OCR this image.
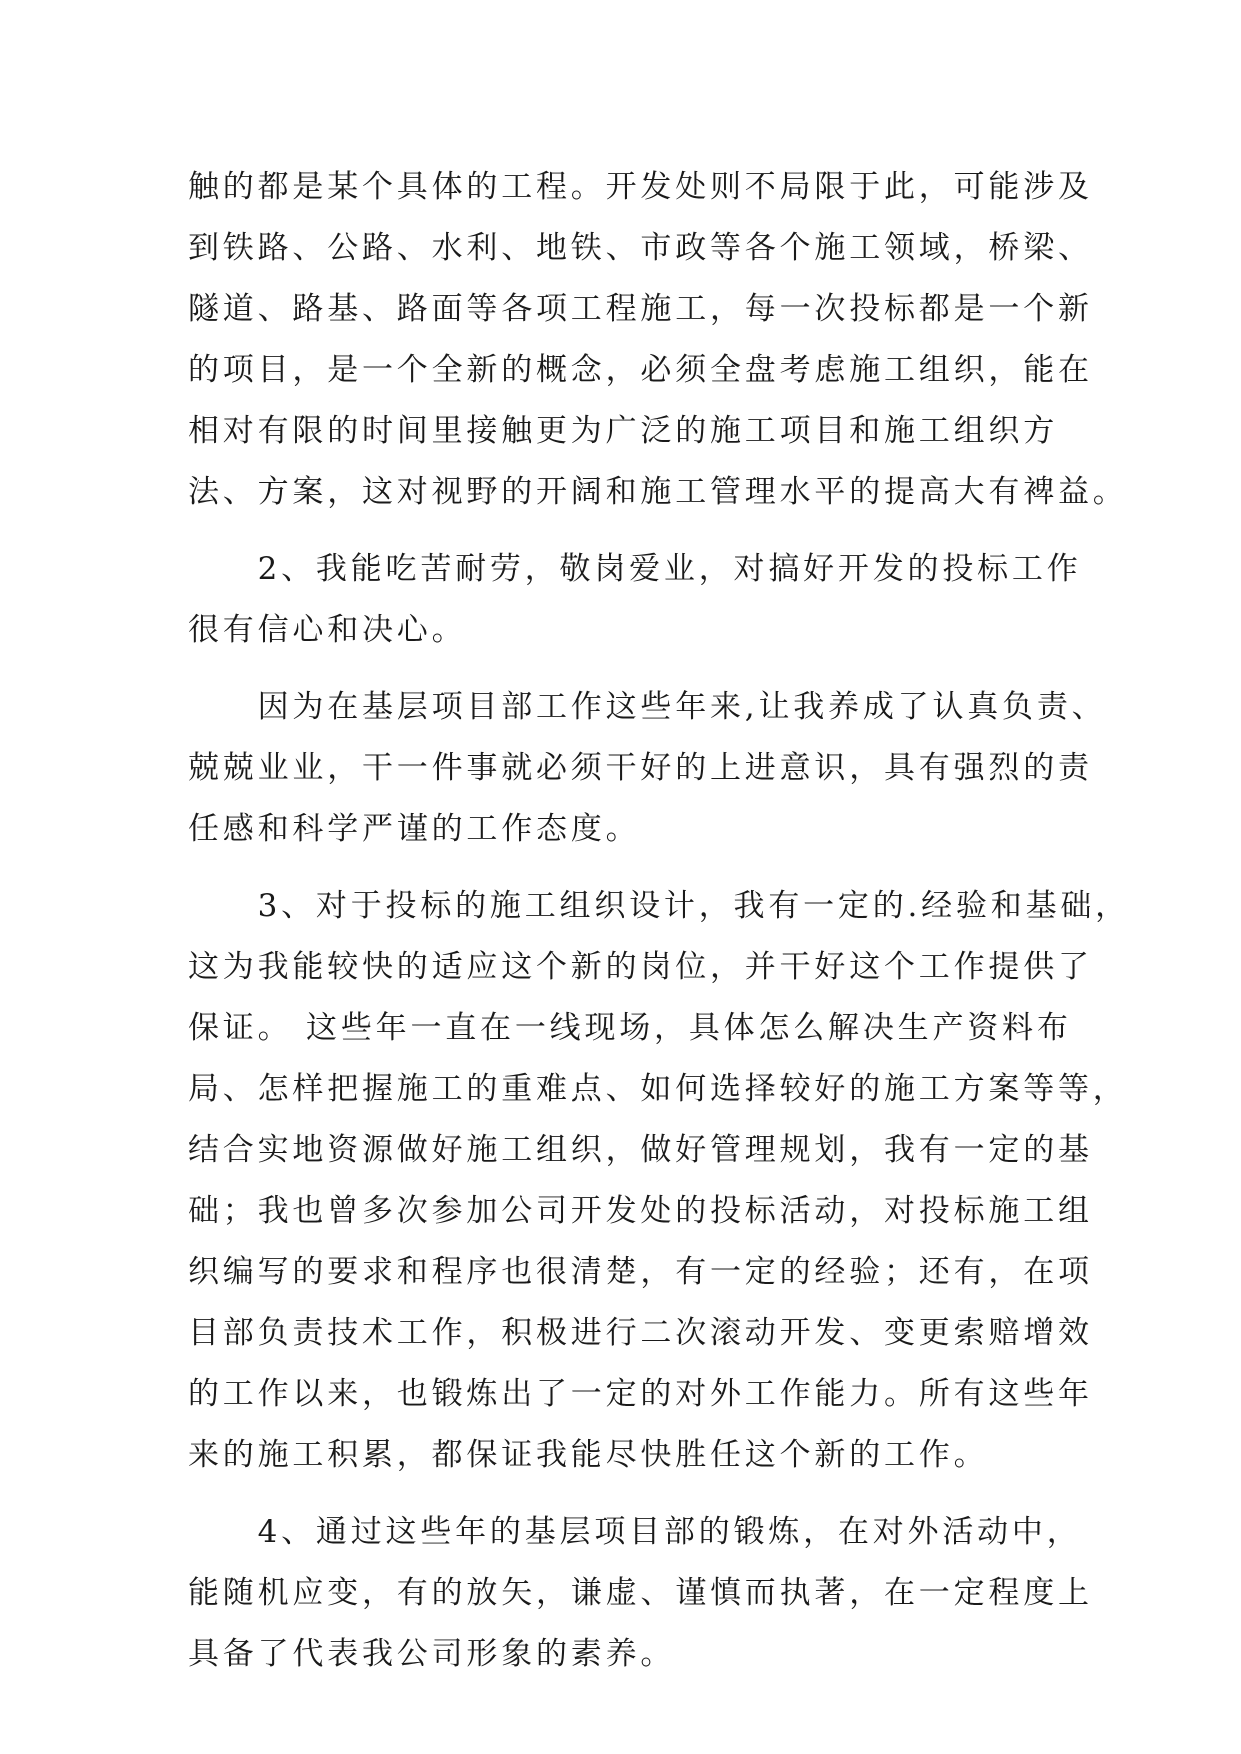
触的都是某个具体的工程。开发处则不局限于此，可能涉及
到铁路、公路、水利、地铁、市政等各个施工领域，桥梁、
隧道、路基、路面等各项工程施工，每一次投标都是一个新
的项目，是一个全新的概念，必须全盘考虑施工组织，能在
相对有限的时间里接触更为广泛的施工项目和施工组织方
法、方案，这对视野的开阔和施工管理水平的提高大有裨益。
　　2、我能吃苦耐劳，敬岗爱业，对搞好开发的投标工作
很有信心和决心。
　　因为在基层项目部工作这些年来,让我养成了认真负责、
兢兢业业，干一件事就必须干好的上进意识，具有强烈的责
任感和科学严谨的工作态度。
　　3、对于投标的施工组织设计，我有一定的.经验和基础，
这为我能较快的适应这个新的岗位，并干好这个工作提供了
保证。 这些年一直在一线现场，具体怎么解决生产资料布
局、怎样把握施工的重难点、如何选择较好的施工方案等等，
结合实地资源做好施工组织，做好管理规划，我有一定的基
础；我也曾多次参加公司开发处的投标活动，对投标施工组
织编写的要求和程序也很清楚，有一定的经验；还有，在项
目部负责技术工作，积极进行二次滚动开发、变更索赔增效
的工作以来，也锻炼出了一定的对外工作能力。所有这些年
来的施工积累，都保证我能尽快胜任这个新的工作。
　　4、通过这些年的基层项目部的锻炼，在对外活动中，
能随机应变，有的放矢，谦虚、谨慎而执著，在一定程度上
具备了代表我公司形象的素养。
